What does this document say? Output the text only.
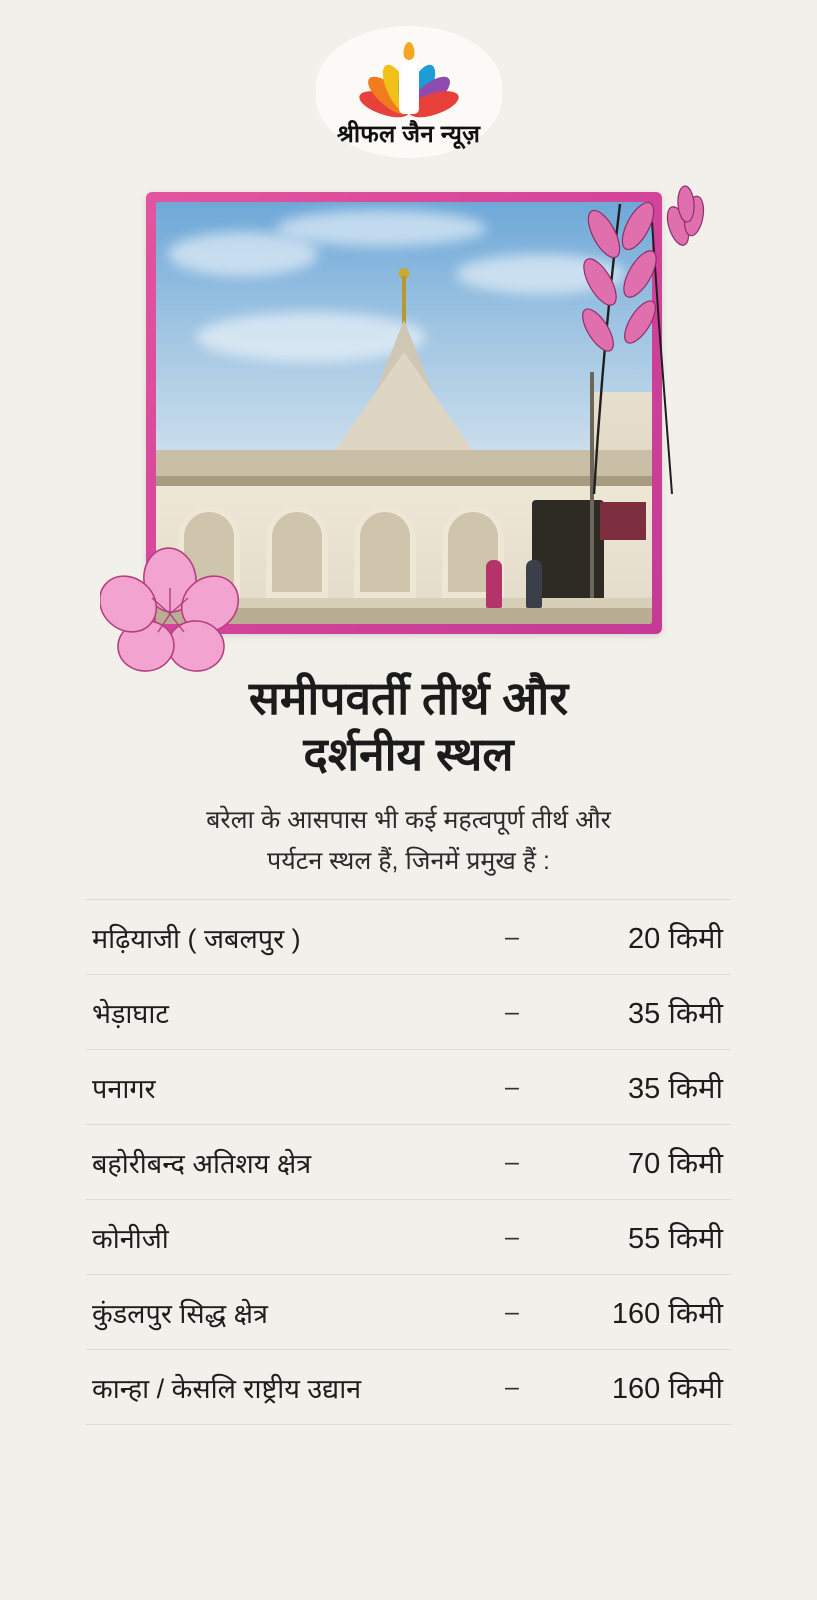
श्रीफल जैन न्यूज़
समीपवर्ती तीर्थ और
दर्शनीय स्थल
बरेला के आसपास भी कई महत्वपूर्ण तीर्थ और
पर्यटन स्थल हैं, जिनमें प्रमुख हैं :
मढ़ियाजी ( जबलपुर )	–	20 किमी
भेड़ाघाट	–	35 किमी
पनागर	–	35 किमी
बहोरीबन्द अतिशय क्षेत्र	–	70 किमी
कोनीजी	–	55 किमी
कुंडलपुर सिद्ध क्षेत्र	–	160 किमी
कान्हा / केसलि राष्ट्रीय उद्यान	–	160 किमी
